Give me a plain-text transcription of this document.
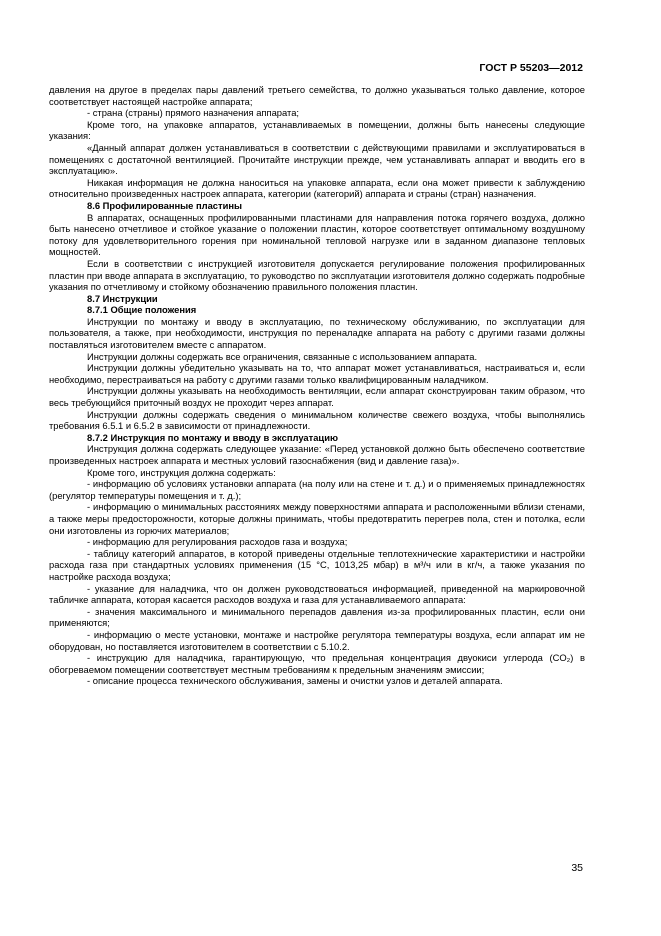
ГОСТ Р 55203—2012

давления на другое в пределах пары давлений третьего семейства, то должно указываться только давление, которое соответствует настоящей настройке аппарата;

- страна (страны) прямого назначения аппарата;

Кроме того, на упаковке аппаратов, устанавливаемых в помещении, должны быть нанесены следующие указания:

«Данный аппарат должен устанавливаться в соответствии с действующими правилами и эксплуатироваться в помещениях с достаточной вентиляцией. Прочитайте инструкции прежде, чем устанавливать аппарат и вводить его в эксплуатацию».

Никакая информация не должна наноситься на упаковке аппарата, если она может привести к заблуждению относительно произведенных настроек аппарата, категории (категорий) аппарата и страны (стран) назначения.

8.6 Профилированные пластины

В аппаратах, оснащенных профилированными пластинами для направления потока горячего воздуха, должно быть нанесено отчетливое и стойкое указание о положении пластин, которое соответствует оптимальному воздушному потоку для удовлетворительного горения при номинальной тепловой нагрузке или в заданном диапазоне тепловых мощностей.

Если в соответствии с инструкцией изготовителя допускается регулирование положения профилированных пластин при вводе аппарата в эксплуатацию, то руководство по эксплуатации изготовителя должно содержать подробные указания по отчетливому и стойкому обозначению правильного положения пластин.

8.7 Инструкции

8.7.1 Общие положения

Инструкции по монтажу и вводу в эксплуатацию, по техническому обслуживанию, по эксплуатации для пользователя, а также, при необходимости, инструкция по переналадке аппарата на работу с другими газами должны поставляться изготовителем вместе с аппаратом.

Инструкции должны содержать все ограничения, связанные с использованием аппарата.

Инструкции должны убедительно указывать на то, что аппарат может устанавливаться, настраиваться и, если необходимо, перестраиваться на работу с другими газами только квалифицированным наладчиком.

Инструкции должны указывать на необходимость вентиляции, если аппарат сконструирован таким образом, что весь требующийся приточный воздух не проходит через аппарат.

Инструкции должны содержать сведения о минимальном количестве свежего воздуха, чтобы выполнялись требования 6.5.1 и 6.5.2 в зависимости от принадлежности.

8.7.2 Инструкция по монтажу и вводу в эксплуатацию

Инструкция должна содержать следующее указание: «Перед установкой должно быть обеспечено соответствие произведенных настроек аппарата и местных условий газоснабжения (вид и давление газа)».

Кроме того, инструкция должна содержать:

- информацию об условиях установки аппарата (на полу или на стене и т. д.) и о применяемых принадлежностях (регулятор температуры помещения и т. д.);

- информацию о минимальных расстояниях между поверхностями аппарата и расположенными вблизи стенами, а также меры предосторожности, которые должны принимать, чтобы предотвратить перегрев пола, стен и потолка, если они изготовлены из горючих материалов;

- информацию для регулирования расходов газа и воздуха;

- таблицу категорий аппаратов, в которой приведены отдельные теплотехнические характеристики и настройки расхода газа при стандартных условиях применения (15 °С, 1013,25 мбар) в м³/ч или в кг/ч, а также указания по настройке расхода воздуха;

- указание для наладчика, что он должен руководствоваться информацией, приведенной на маркировочной табличке аппарата, которая касается расходов воздуха и газа для устанавливаемого аппарата:

- значения максимального и минимального перепадов давления из-за профилированных пластин, если они применяются;

- информацию о месте установки, монтаже и настройке регулятора температуры воздуха, если аппарат им не оборудован, но поставляется изготовителем в соответствии с 5.10.2.

- инструкцию для наладчика, гарантирующую, что предельная концентрация двуокиси углерода (CO₂) в обогреваемом помещении соответствует местным требованиям к предельным значениям эмиссии;

- описание процесса технического обслуживания, замены и очистки узлов и деталей аппарата.

35
